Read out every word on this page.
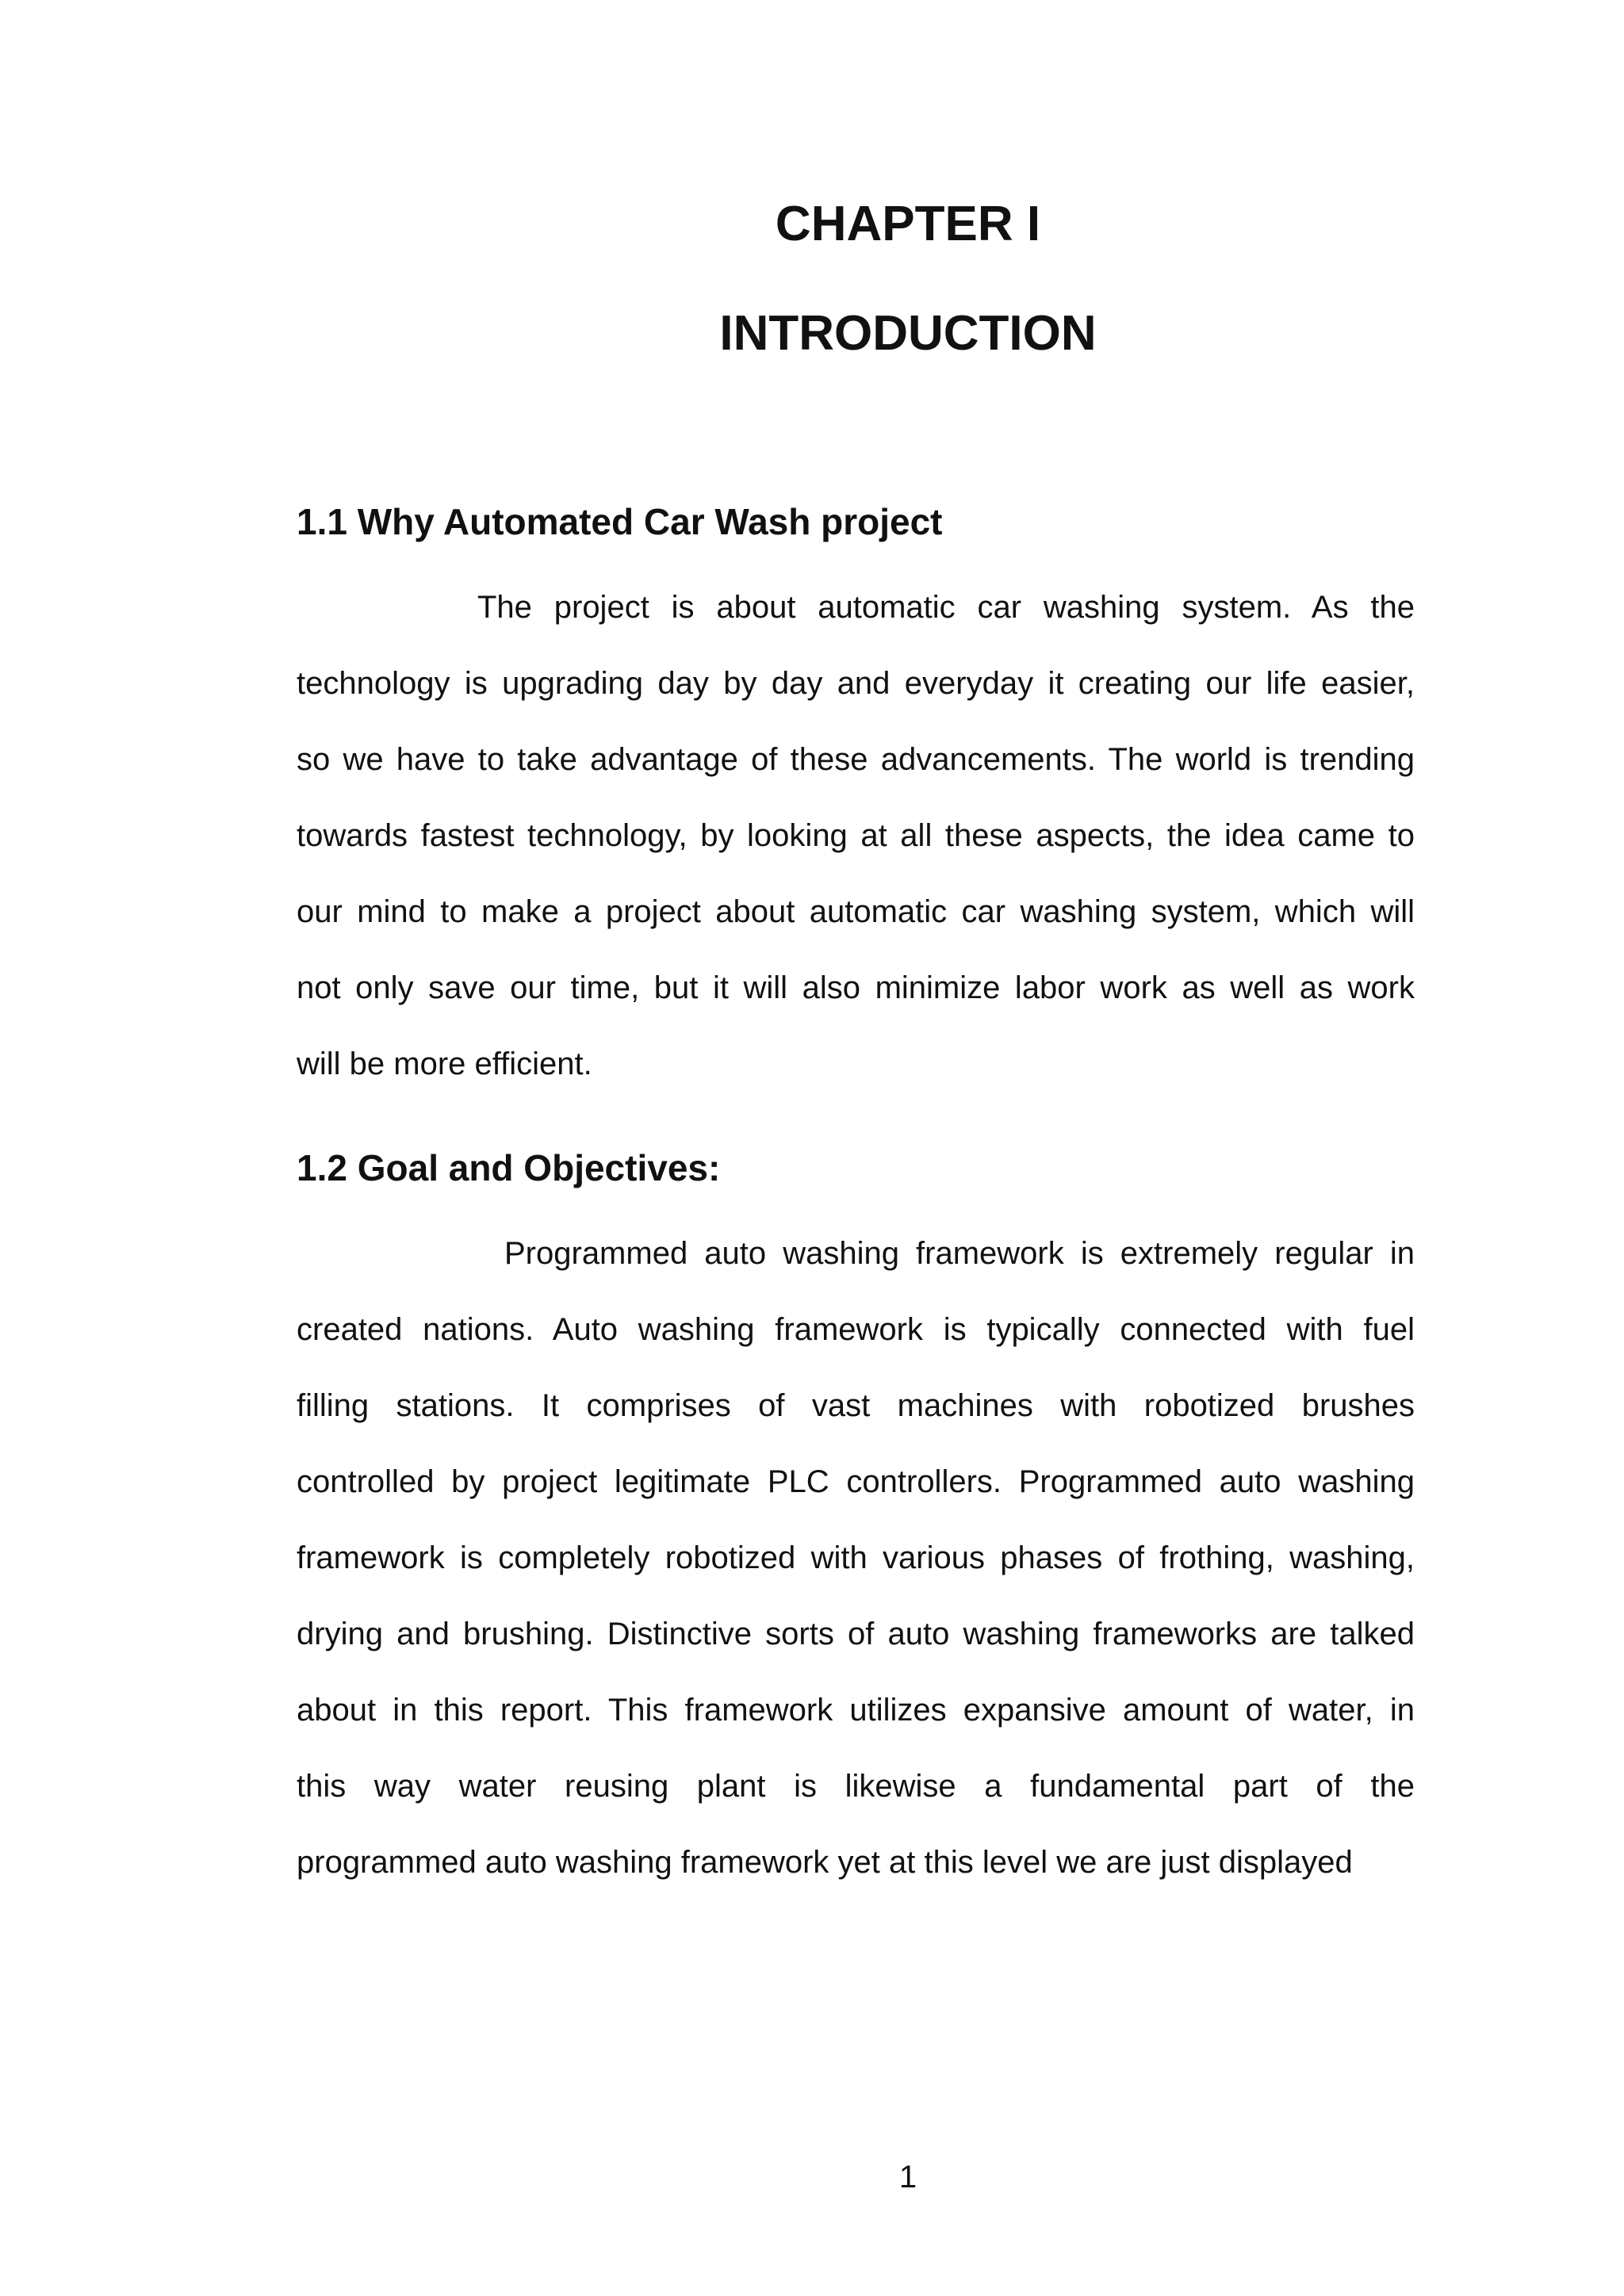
CHAPTER I
INTRODUCTION
1.1 Why Automated Car Wash project
The project is about automatic car washing system. As the
technology is upgrading day by day and everyday it creating our life easier,
so we have to take advantage of these advancements. The world is trending
towards fastest technology, by looking at all these aspects, the idea came to
our mind to make a project about automatic car washing system, which will
not only save our time, but it will also minimize labor work as well as work
will be more efficient.
1.2 Goal and Objectives:
Programmed auto washing framework is extremely regular in
created nations. Auto washing framework is typically connected with fuel
filling stations. It comprises of vast machines with robotized brushes
controlled by project legitimate PLC controllers. Programmed auto washing
framework is completely robotized with various phases of frothing, washing,
drying and brushing. Distinctive sorts of auto washing frameworks are talked
about in this report. This framework utilizes expansive amount of water, in
this way water reusing plant is likewise a fundamental part of the
programmed auto washing framework yet at this level we are just displayed
1
